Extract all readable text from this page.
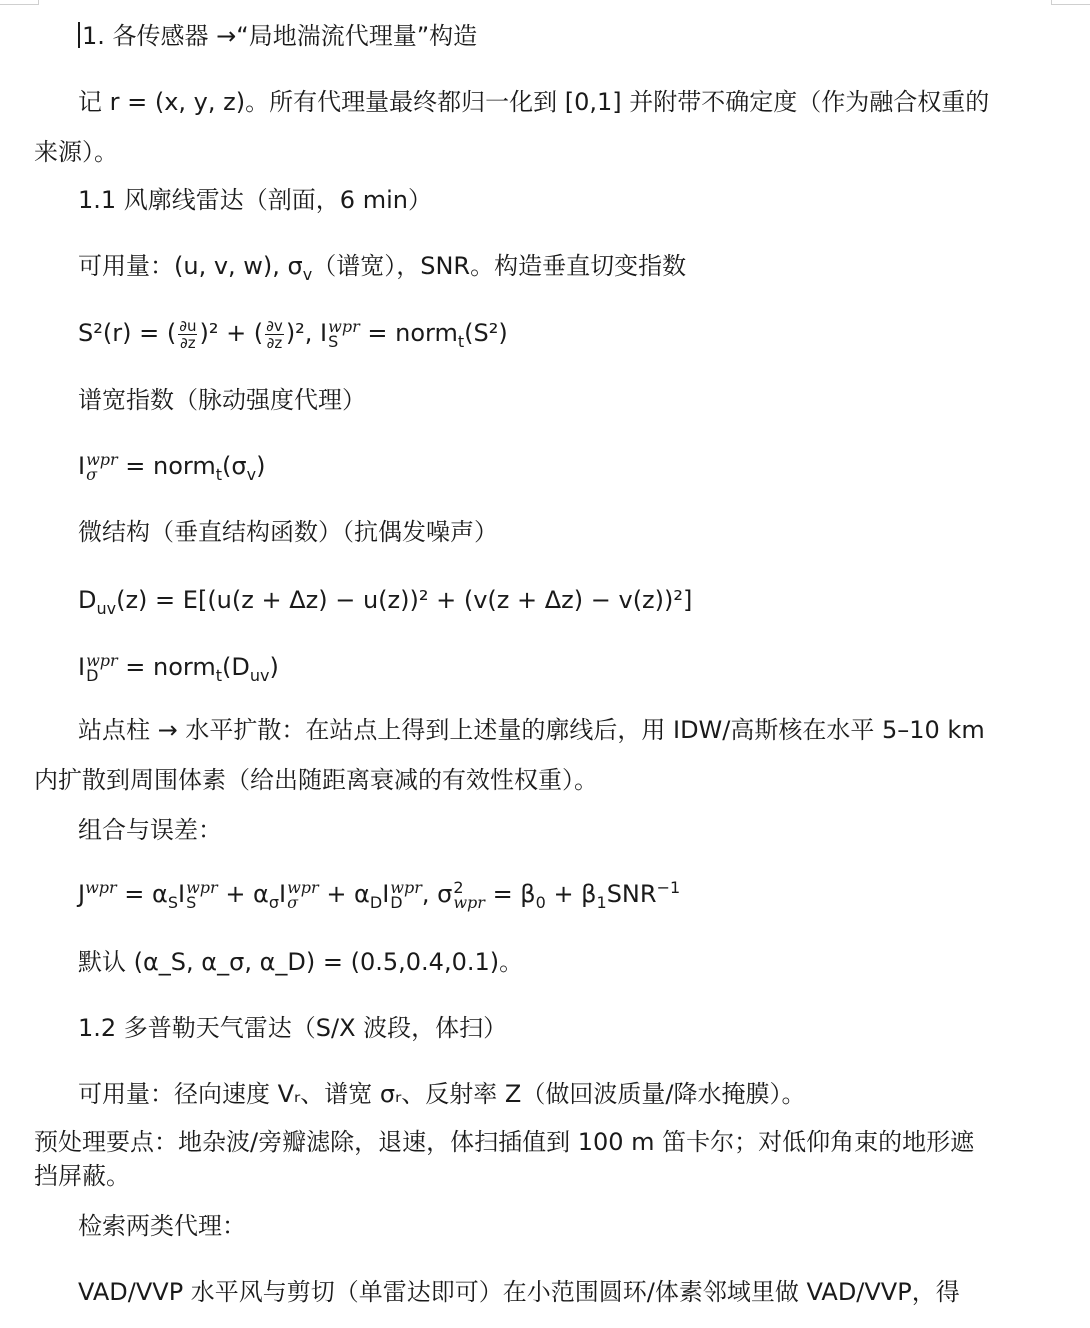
1. 各传感器 →“局地湍流代理量”构造
记 r = (x, y, z)。所有代理量最终都归一化到 [0,1] 并附带不确定度（作为融合权重的
来源）。
1.1 风廓线雷达（剖面，6 min）
可用量：(u, v, w), $\sigma_v$（谱宽），SNR。构造垂直切变指数
S²(r) = ( $\frac{\partial u}{\partial z} )^2$ + ( $\frac{\partial v}{\partial z} )^2$, I wpr
S = norm$_t$(S²)
谱宽指数（脉动强度代理）
I wpr
$\sigma = norm_t(\sigma_v)$
微结构（垂直结构函数）（抗偶发噪声）
$D_{uv}(z) = E[(u(z + \Delta z) - u(z))^2 + (v(z + \Delta z) - v(z))^2]$
I wpr
$D = norm_t(D_{uv})$
站点柱 → 水平扩散：在站点上得到上述量的廓线后，用 IDW/高斯核在水平 5–10 km
内扩散到周围体素（给出随距离衰减的有效性权重）。
组合与误差：
$J^{wpr} = \alpha_SI$ wpr
$S + \alpha_\sigma I$ wpr
$\sigma + \alpha_DI$ wpr
D , σ 2
wpr = $\beta_0 + \beta_1SNR^{-1}$
默认 (α_S, α_σ, α_D) = (0.5,0.4,0.1)。
1.2 多普勒天气雷达（S/X 波段，体扫）
可用量：径向速度 Vᵣ、谱宽 σᵣ、反射率 Z（做回波质量/降水掩膜）。
预处理要点：地杂波/旁瓣滤除，退速，体扫插值到 100 m 笛卡尔；对低仰角束的地形遮
挡屏蔽。
检索两类代理：
VAD/VVP 水平风与剪切（单雷达即可）在小范围圆环/体素邻域里做 VAD/VVP，得
